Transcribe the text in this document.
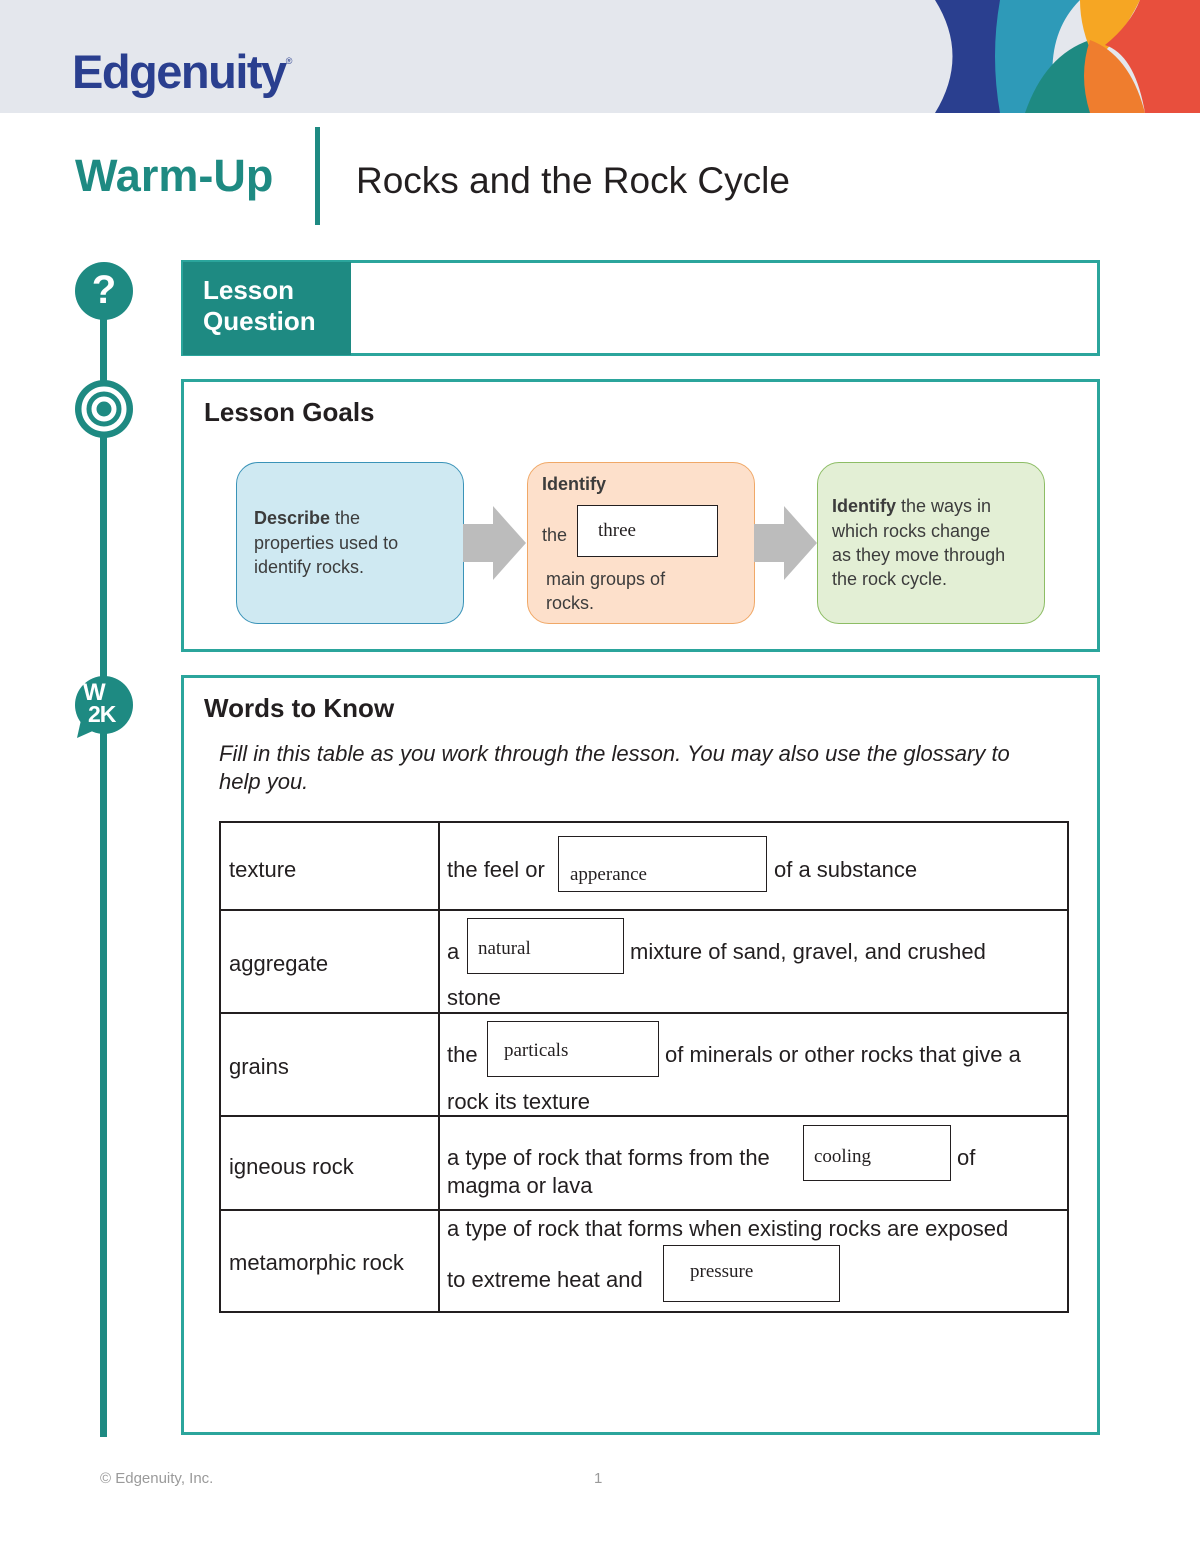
Edgenuity®
Warm-Up Rocks and the Rock Cycle
?
W
2K
Lesson
Question
Lesson Goals
Describe the
properties used to
identify rocks.
Identify
the	three
main groups of
rocks.
Identify the ways in
which rocks change
as they move through
the rock cycle.
Words to Know
Fill in this table as you work through the lesson. You may also use the glossary to
help you.
texture	the feel or apperance of a substance

aggregate	a natural mixture of sand, gravel, and crushed
stone

grains	the particals of minerals or other rocks that give a
rock its texture

igneous rock	a type of rock that forms from the cooling of
magma or lava

metamorphic rock	a type of rock that forms when existing rocks are exposed
to extreme heat and pressure
© Edgenuity, Inc.	1
